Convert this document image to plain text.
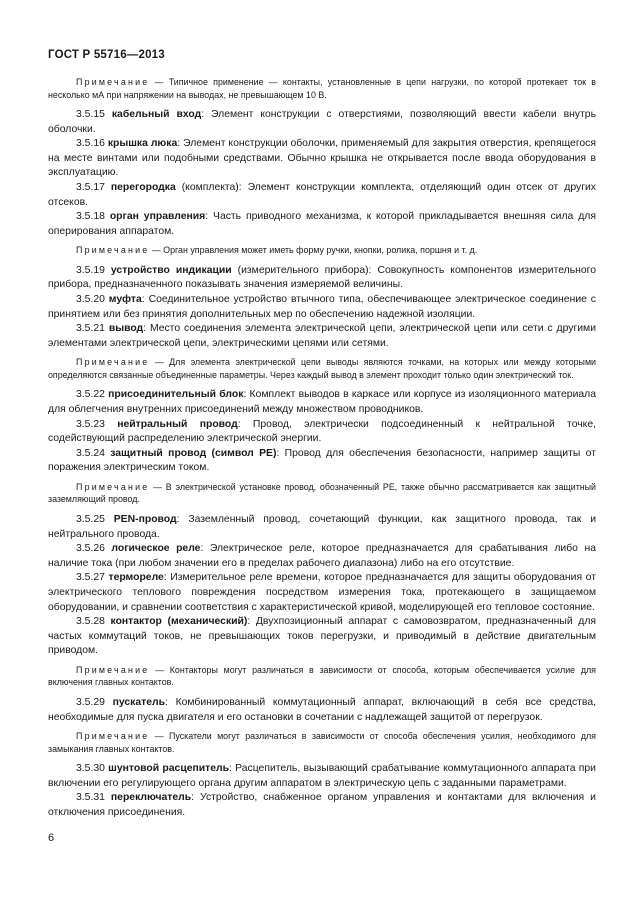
ГОСТ Р 55716—2013

Примечание — Типичное применение — контакты, установленные в цепи нагрузки, по которой протекает ток в несколько мА при напряжении на выводах, не превышающем 10 В.

3.5.15 кабельный вход: Элемент конструкции с отверстиями, позволяющий ввести кабели внутрь оболочки.

3.5.16 крышка люка: Элемент конструкции оболочки, применяемый для закрытия отверстия, крепящегося на месте винтами или подобными средствами. Обычно крышка не открывается после ввода оборудования в эксплуатацию.

3.5.17 перегородка (комплекта): Элемент конструкции комплекта, отделяющий один отсек от других отсеков.

3.5.18 орган управления: Часть приводного механизма, к которой прикладывается внешняя сила для оперирования аппаратом.

Примечание — Орган управления может иметь форму ручки, кнопки, ролика, поршня и т. д.

3.5.19 устройство индикации (измерительного прибора): Совокупность компонентов измерительного прибора, предназначенного показывать значения измеряемой величины.

3.5.20 муфта: Соединительное устройство втычного типа, обеспечивающее электрическое соединение с принятием или без принятия дополнительных мер по обеспечению надежной изоляции.

3.5.21 вывод: Место соединения элемента электрической цепи, электрической цепи или сети с другими элементами электрической цепи, электрическими цепями или сетями.

Примечание — Для элемента электрической цепи выводы являются точками, на которых или между которыми определяются связанные объединенные параметры. Через каждый вывод в элемент проходит только один электрический ток.

3.5.22 присоединительный блок: Комплект выводов в каркасе или корпусе из изоляционного материала для облегчения внутренних присоединений между множеством проводников.

3.5.23 нейтральный провод: Провод, электрически подсоединенный к нейтральной точке, содействующий распределению электрической энергии.

3.5.24 защитный провод (символ PE): Провод для обеспечения безопасности, например защиты от поражения электрическим током.

Примечание — В электрической установке провод, обозначенный PE, также обычно рассматривается как защитный заземляющий провод.

3.5.25 PEN-провод: Заземленный провод, сочетающий функции, как защитного провода, так и нейтрального провода.

3.5.26 логическое реле: Электрическое реле, которое предназначается для срабатывания либо на наличие тока (при любом значении его в пределах рабочего диапазона) либо на его отсутствие.

3.5.27 термореле: Измерительное реле времени, которое предназначается для защиты оборудования от электрического теплового повреждения посредством измерения тока, протекающего в защищаемом оборудовании, и сравнении соответствия с характеристической кривой, моделирующей его тепловое состояние.

3.5.28 контактор (механический): Двухпозиционный аппарат с самовозвратом, предназначенный для частых коммутаций токов, не превышающих токов перегрузки, и приводимый в действие двигательным приводом.

Примечание — Контакторы могут различаться в зависимости от способа, которым обеспечивается усилие для включения главных контактов.

3.5.29 пускатель: Комбинированный коммутационный аппарат, включающий в себя все средства, необходимые для пуска двигателя и его остановки в сочетании с надлежащей защитой от перегрузок.

Примечание — Пускатели могут различаться в зависимости от способа обеспечения усилия, необходимого для замыкания главных контактов.

3.5.30 шунтовой расцепитель: Расцепитель, вызывающий срабатывание коммутационного аппарата при включении его регулирующего органа другим аппаратом в электрическую цепь с заданными параметрами.

3.5.31 переключатель: Устройство, снабженное органом управления и контактами для включения и отключения присоединения.

6
